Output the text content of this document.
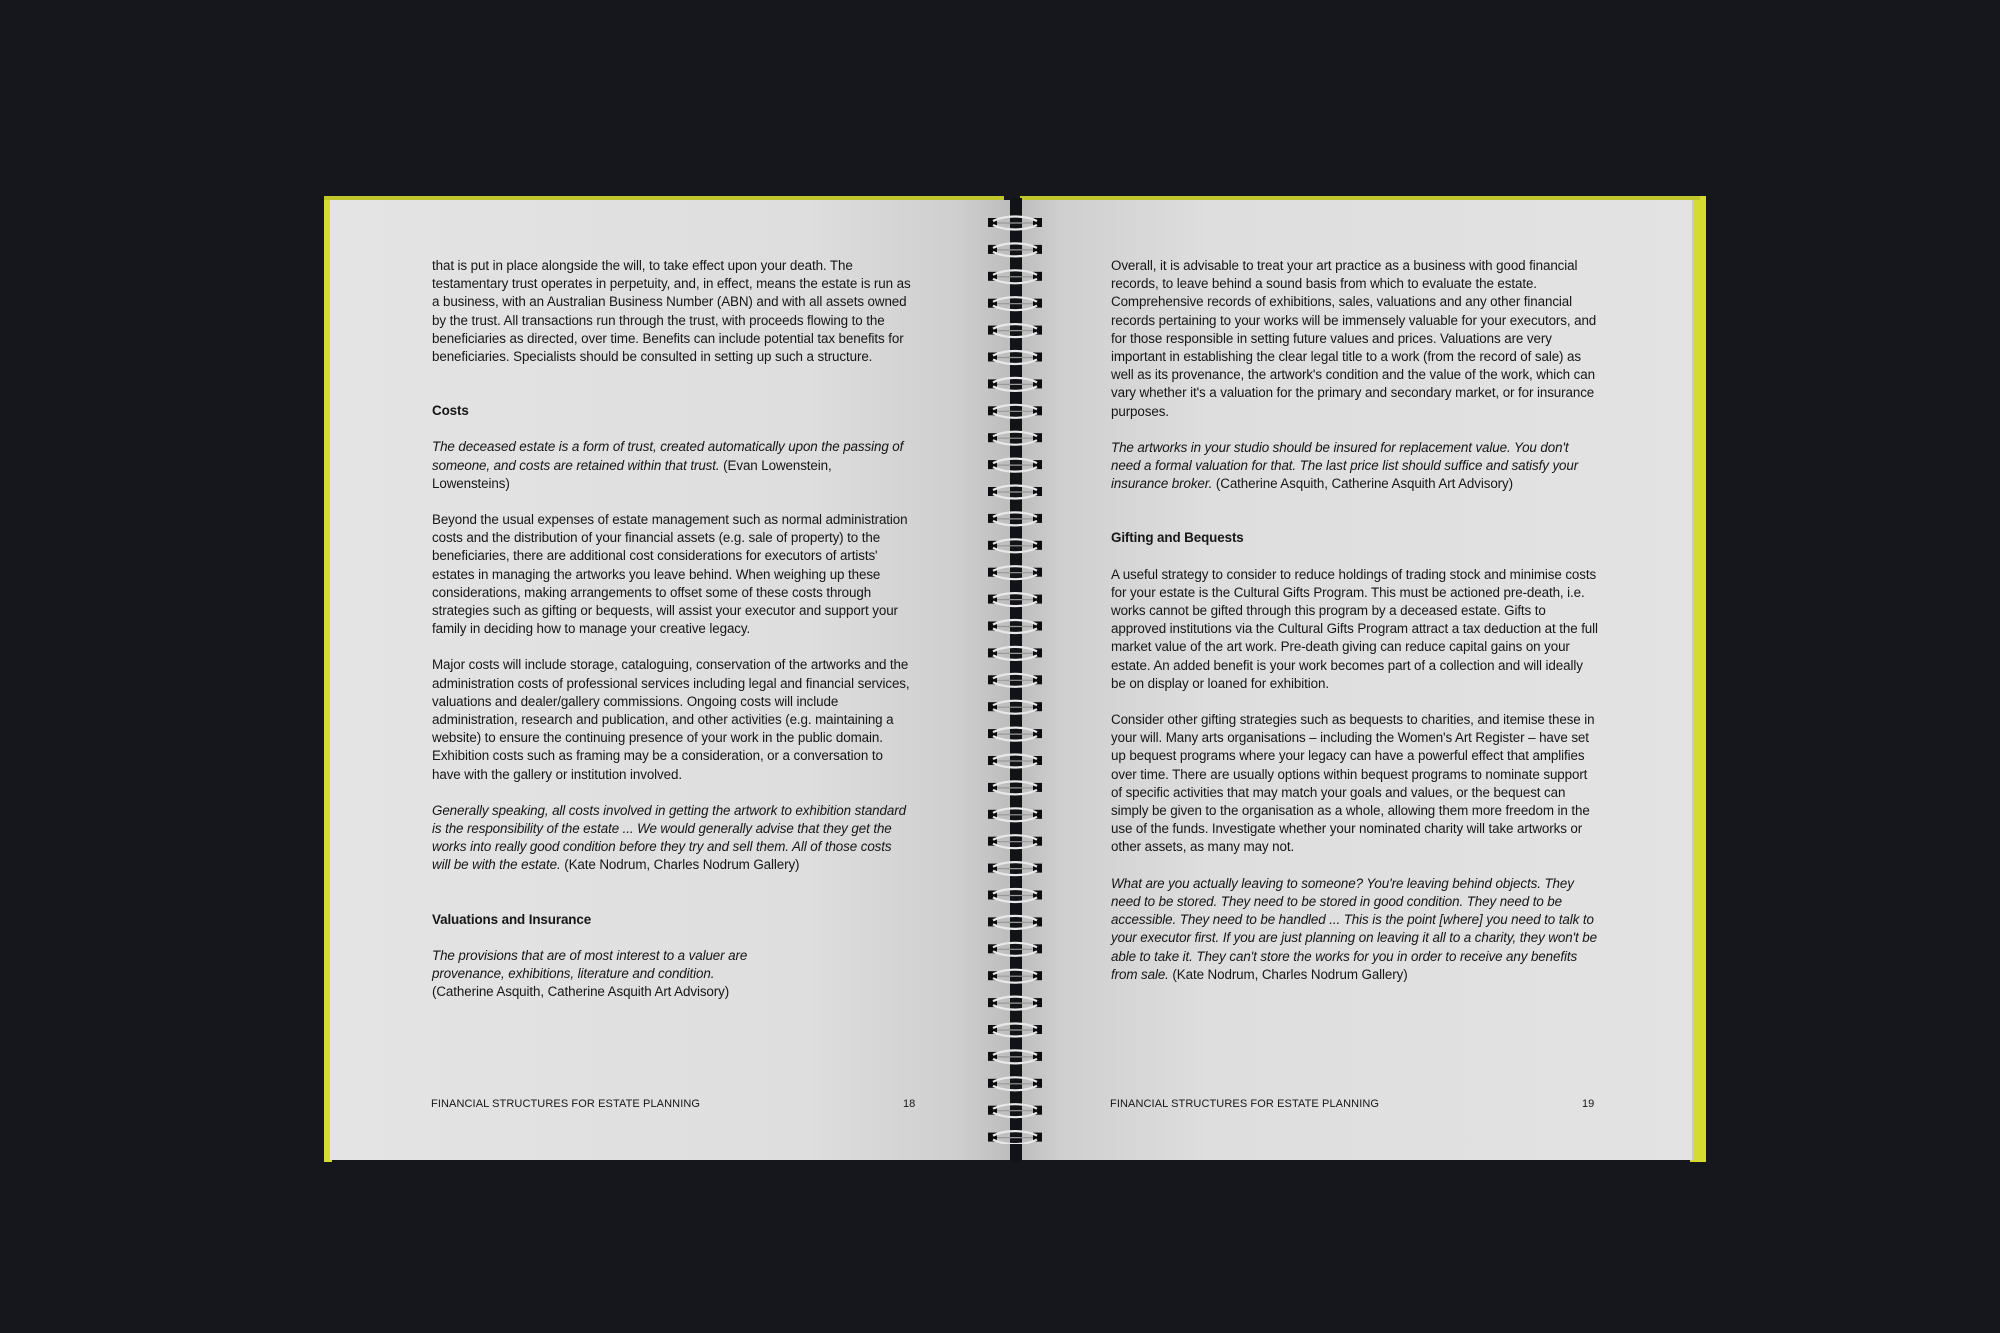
that is put in place alongside the will, to take effect upon your death. The testamentary trust operates in perpetuity, and, in effect, means the estate is run as a business, with an Australian Business Number (ABN) and with all assets owned by the trust. All transactions run through the trust, with proceeds flowing to the beneficiaries as directed, over time. Benefits can include potential tax benefits for beneficiaries. Specialists should be consulted in setting up such a structure.

Costs

The deceased estate is a form of trust, created automatically upon the passing of someone, and costs are retained within that trust. (Evan Lowenstein, Lowensteins)

Beyond the usual expenses of estate management such as normal administration costs and the distribution of your financial assets (e.g. sale of property) to the beneficiaries, there are additional cost considerations for executors of artists' estates in managing the artworks you leave behind. When weighing up these considerations, making arrangements to offset some of these costs through strategies such as gifting or bequests, will assist your executor and support your family in deciding how to manage your creative legacy.

Major costs will include storage, cataloguing, conservation of the artworks and the administration costs of professional services including legal and financial services, valuations and dealer/gallery commissions. Ongoing costs will include administration, research and publication, and other activities (e.g. maintaining a website) to ensure the continuing presence of your work in the public domain. Exhibition costs such as framing may be a consideration, or a conversation to have with the gallery or institution involved.

Generally speaking, all costs involved in getting the artwork to exhibition standard is the responsibility of the estate ... We would generally advise that they get the works into really good condition before they try and sell them. All of those costs will be with the estate. (Kate Nodrum, Charles Nodrum Gallery)

Valuations and Insurance

The provisions that are of most interest to a valuer are provenance, exhibitions, literature and condition. (Catherine Asquith, Catherine Asquith Art Advisory)

FINANCIAL STRUCTURES FOR ESTATE PLANNING	18

Overall, it is advisable to treat your art practice as a business with good financial records, to leave behind a sound basis from which to evaluate the estate. Comprehensive records of exhibitions, sales, valuations and any other financial records pertaining to your works will be immensely valuable for your executors, and for those responsible in setting future values and prices. Valuations are very important in establishing the clear legal title to a work (from the record of sale) as well as its provenance, the artwork's condition and the value of the work, which can vary whether it's a valuation for the primary and secondary market, or for insurance purposes.

The artworks in your studio should be insured for replacement value. You don't need a formal valuation for that. The last price list should suffice and satisfy your insurance broker. (Catherine Asquith, Catherine Asquith Art Advisory)

Gifting and Bequests

A useful strategy to consider to reduce holdings of trading stock and minimise costs for your estate is the Cultural Gifts Program. This must be actioned pre-death, i.e. works cannot be gifted through this program by a deceased estate. Gifts to approved institutions via the Cultural Gifts Program attract a tax deduction at the full market value of the art work. Pre-death giving can reduce capital gains on your estate. An added benefit is your work becomes part of a collection and will ideally be on display or loaned for exhibition.

Consider other gifting strategies such as bequests to charities, and itemise these in your will. Many arts organisations – including the Women's Art Register – have set up bequest programs where your legacy can have a powerful effect that amplifies over time. There are usually options within bequest programs to nominate support of specific activities that may match your goals and values, or the bequest can simply be given to the organisation as a whole, allowing them more freedom in the use of the funds. Investigate whether your nominated charity will take artworks or other assets, as many may not.

What are you actually leaving to someone? You're leaving behind objects. They need to be stored. They need to be stored in good condition. They need to be accessible. They need to be handled ... This is the point [where] you need to talk to your executor first. If you are just planning on leaving it all to a charity, they won't be able to take it. They can't store the works for you in order to receive any benefits from sale. (Kate Nodrum, Charles Nodrum Gallery)

FINANCIAL STRUCTURES FOR ESTATE PLANNING	19
